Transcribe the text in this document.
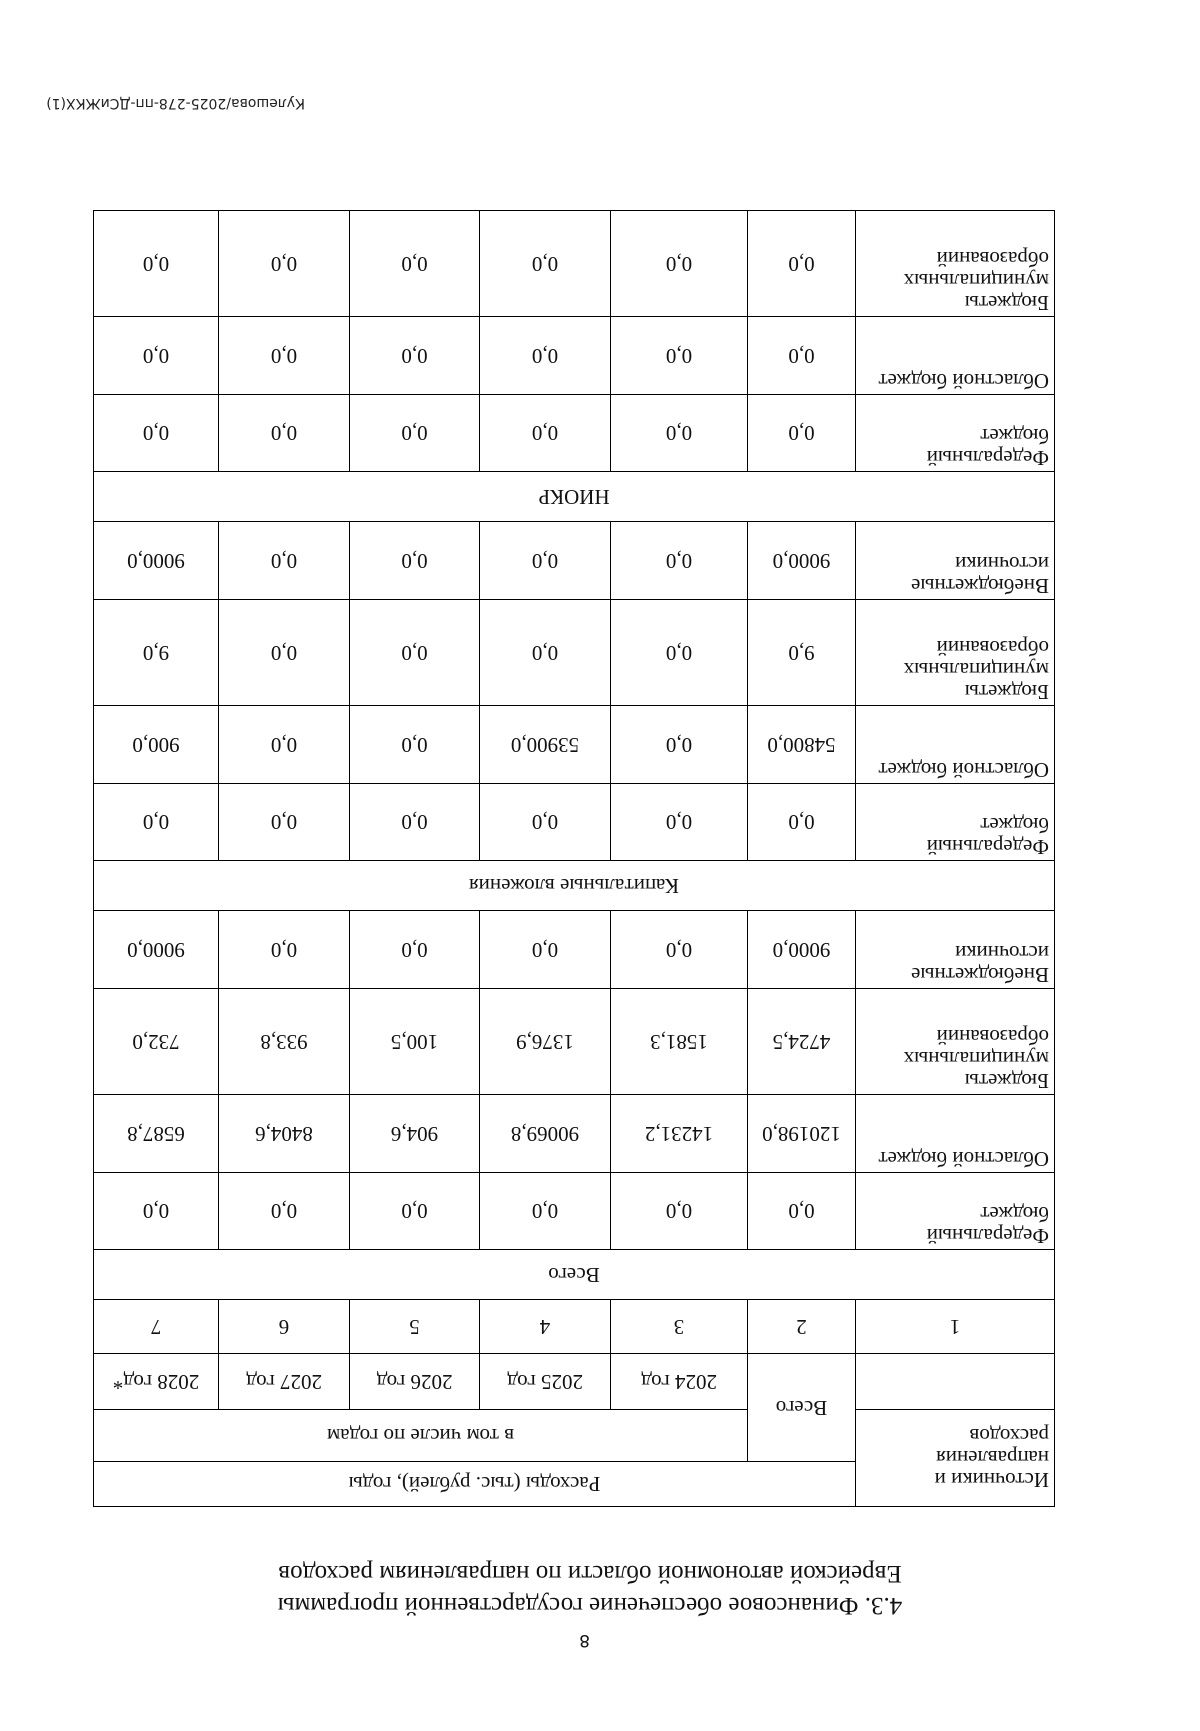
Кулешова/2025-278-пп-ДСиЖКХ(1)
8
4.3. Финансовое обеспечение государственной программы
Еврейской автономной области по направлениям расходов
Источники и направления расходов	Расходы (тыс. рублей), годы					
	Всего	в том числе по годам				
		2024 год	2025 год	2026 год	2027 год	2028 год*
1	2	3	4	5	6	7
Всего						
Федеральный бюджет	0,0	0,0	0,0	0,0	0,0	0,0
Областной бюджет	120198,0	14231,2	90069,8	904,6	8404,6	6587,8
Бюджеты муниципальных образований	4724,5	1581,3	1376,9	100,5	933,8	732,0
Внебюджетные источники	9000,0	0,0	0,0	0,0	0,0	9000,0
Капитальные вложения						
Федеральный бюджет	0,0	0,0	0,0	0,0	0,0	0,0
Областной бюджет	54800,0	0,0	53900,0	0,0	0,0	900,0
Бюджеты муниципальных образований	9,0	0,0	0,0	0,0	0,0	9,0
Внебюджетные источники	9000,0	0,0	0,0	0,0	0,0	9000,0
НИОКР						
Федеральный бюджет	0,0	0,0	0,0	0,0	0,0	0,0
Областной бюджет	0,0	0,0	0,0	0,0	0,0	0,0
Бюджеты муниципальных образований	0,0	0,0	0,0	0,0	0,0	0,0
